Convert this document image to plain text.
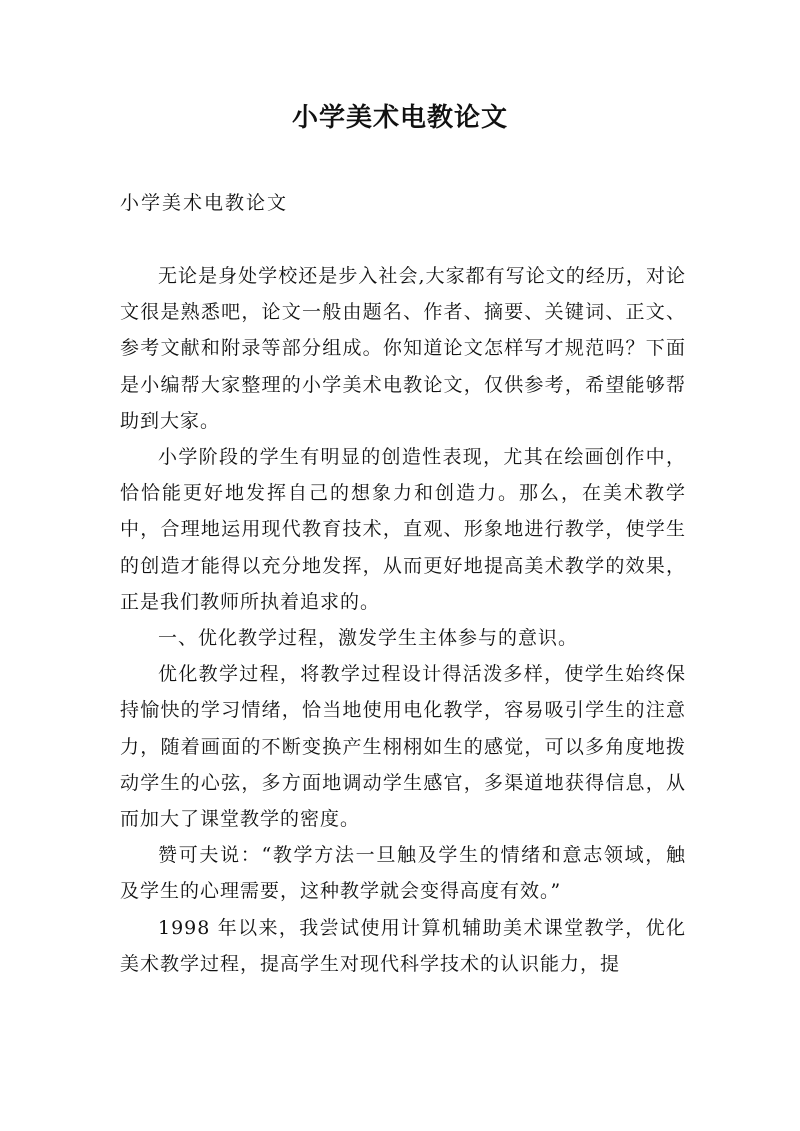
小学美术电教论文
小学美术电教论文

无论是身处学校还是步入社会,大家都有写论文的经历，对论文很是熟悉吧，论文一般由题名、作者、摘要、关键词、正文、参考文献和附录等部分组成。你知道论文怎样写才规范吗？下面是小编帮大家整理的小学美术电教论文，仅供参考，希望能够帮助到大家。

小学阶段的学生有明显的创造性表现，尤其在绘画创作中，恰恰能更好地发挥自己的想象力和创造力。那么，在美术教学中，合理地运用现代教育技术，直观、形象地进行教学，使学生的创造才能得以充分地发挥，从而更好地提高美术教学的效果，正是我们教师所执着追求的。

一、优化教学过程，激发学生主体参与的意识。

优化教学过程，将教学过程设计得活泼多样，使学生始终保持愉快的学习情绪，恰当地使用电化教学，容易吸引学生的注意力，随着画面的不断变换产生栩栩如生的感觉，可以多角度地拨动学生的心弦，多方面地调动学生感官，多渠道地获得信息，从而加大了课堂教学的密度。

赞可夫说：“教学方法一旦触及学生的情绪和意志领域，触及学生的心理需要，这种教学就会变得高度有效。”

1998 年以来，我尝试使用计算机辅助美术课堂教学，优化美术教学过程，提高学生对现代科学技术的认识能力，提
